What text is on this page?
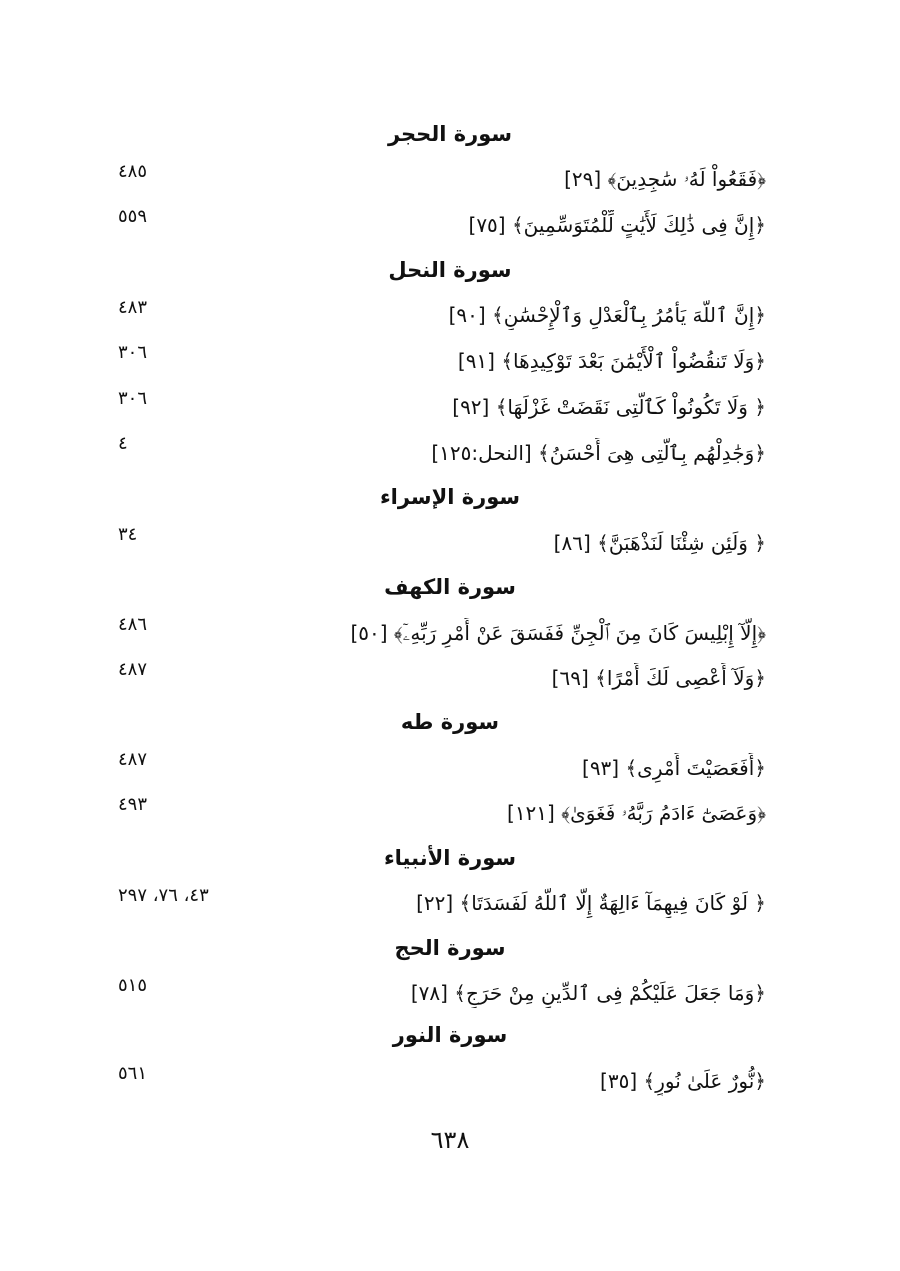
سورة الحجر
﴿فَقَعُواْ لَهُۥ سَٰجِدِينَ﴾ [٢٩]
٤٨٥
﴿إِنَّ فِى ذَٰلِكَ لَأَيَٰتٍ لِّلْمُتَوَسِّمِينَ﴾ [٧٥]
٥٥٩
سورة النحل
﴿إِنَّ ٱللَّهَ يَأْمُرُ بِٱلْعَدْلِ وَٱلْإِحْسَٰنِ﴾ [٩٠]
٤٨٣
﴿وَلَا تَنقُضُواْ ٱلْأَيْمَٰنَ بَعْدَ تَوْكِيدِهَا﴾ [٩١]
٣٠٦
﴿ وَلَا تَكُونُواْ كَٱلَّتِى نَقَضَتْ غَزْلَهَا﴾ [٩٢]
٣٠٦
﴿وَجَٰدِلْهُم بِٱلَّتِى هِىَ أَحْسَنُ﴾ [النحل:١٢٥]
٤
سورة الإسراء
﴿ وَلَئِن شِئْنَا لَنَذْهَبَنَّ﴾ [٨٦]
٣٤
سورة الكهف
﴿إِلَّآ إِبْلِيسَ كَانَ مِنَ ٱلْجِنِّ فَفَسَقَ عَنْ أَمْرِ رَبِّهِۦٓ﴾ [٥٠]
٤٨٦
﴿وَلَآ أَعْصِى لَكَ أَمْرًا﴾ [٦٩]
٤٨٧
سورة طه
﴿أَفَعَصَيْتَ أَمْرِى﴾ [٩٣]
٤٨٧
﴿وَعَصَىٰٓ ءَادَمُ رَبَّهُۥ فَغَوَىٰ﴾ [١٢١]
٤٩٣
سورة الأنبياء
﴿ لَوْ كَانَ فِيهِمَآ ءَالِهَةٌ إِلَّا ٱللَّهُ لَفَسَدَتَا﴾ [٢٢]
٤٣، ٧٦، ٢٩٧
سورة الحج
﴿وَمَا جَعَلَ عَلَيْكُمْ فِى ٱلدِّينِ مِنْ حَرَجٍ﴾ [٧٨]
٥١٥
سورة النور
﴿نُّورٌ عَلَىٰ نُورٍ﴾ [٣٥]
٥٦١
٦٣٨
